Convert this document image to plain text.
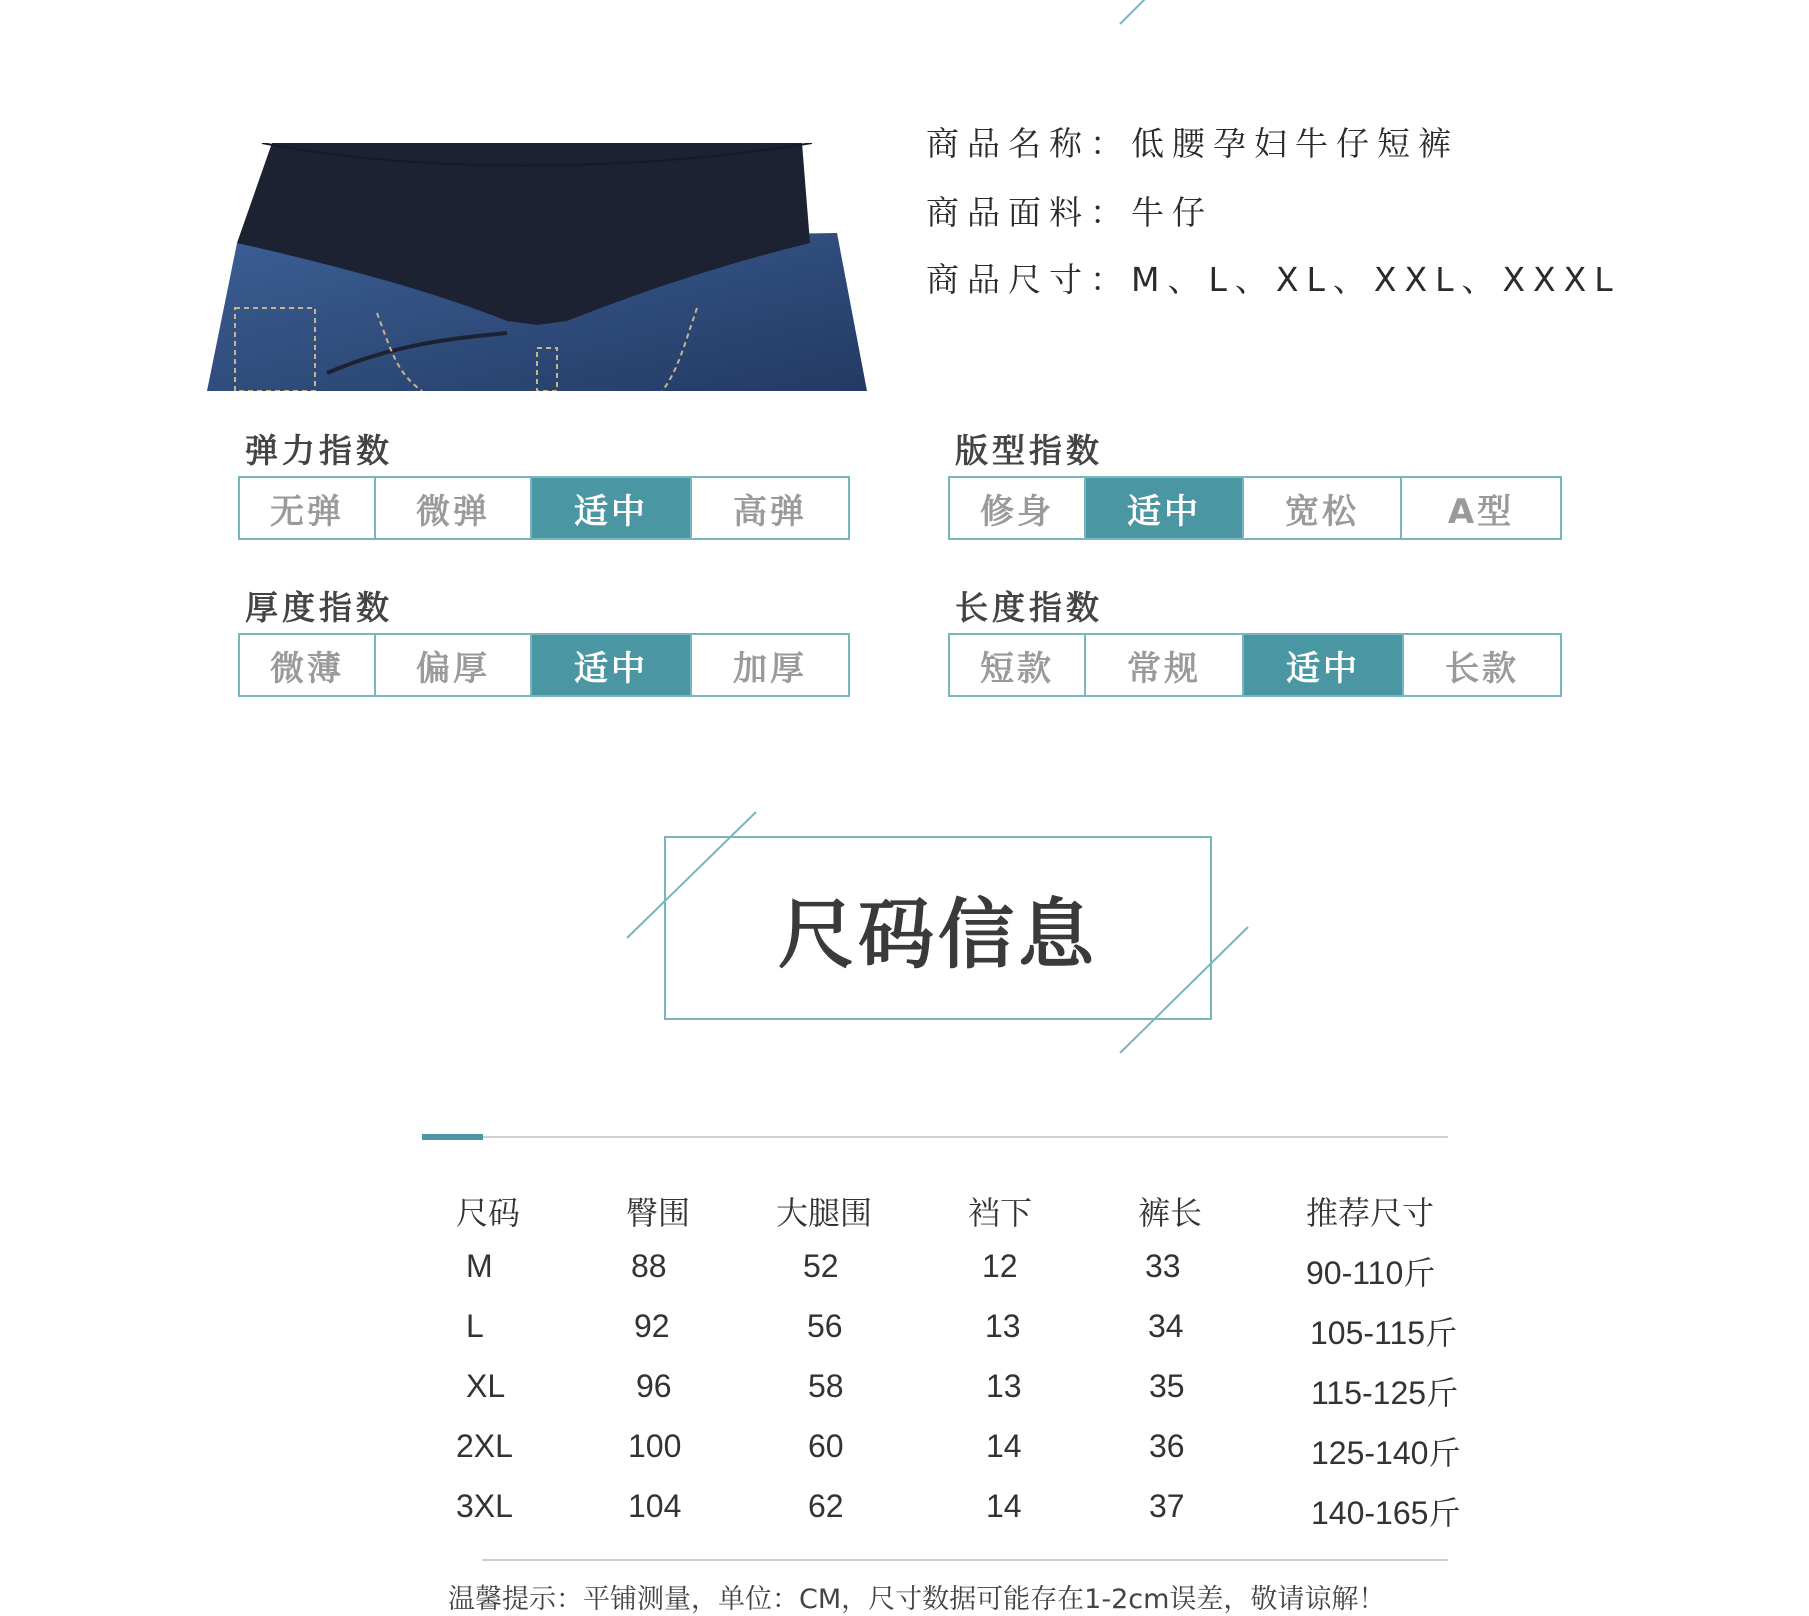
商品名称：低腰孕妇牛仔短裤
商品面料：牛仔
商品尺寸：M、L、XL、XXL、XXXL
弹力指数
无弹	微弹	适中	高弹
版型指数
修身	适中	宽松	A型
厚度指数
微薄	偏厚	适中	加厚
长度指数
短款	常规	适中	长款
尺码信息
尺码	臀围	大腿围	裆下	裤长	推荐尺寸
M	88	52	12	33	90-110斤
L	92	56	13	34	105-115斤
XL	96	58	13	35	115-125斤
2XL	100	60	14	36	125-140斤
3XL	104	62	14	37	140-165斤
温馨提示：平铺测量，单位：CM，尺寸数据可能存在1-2cm误差，敬请谅解！
